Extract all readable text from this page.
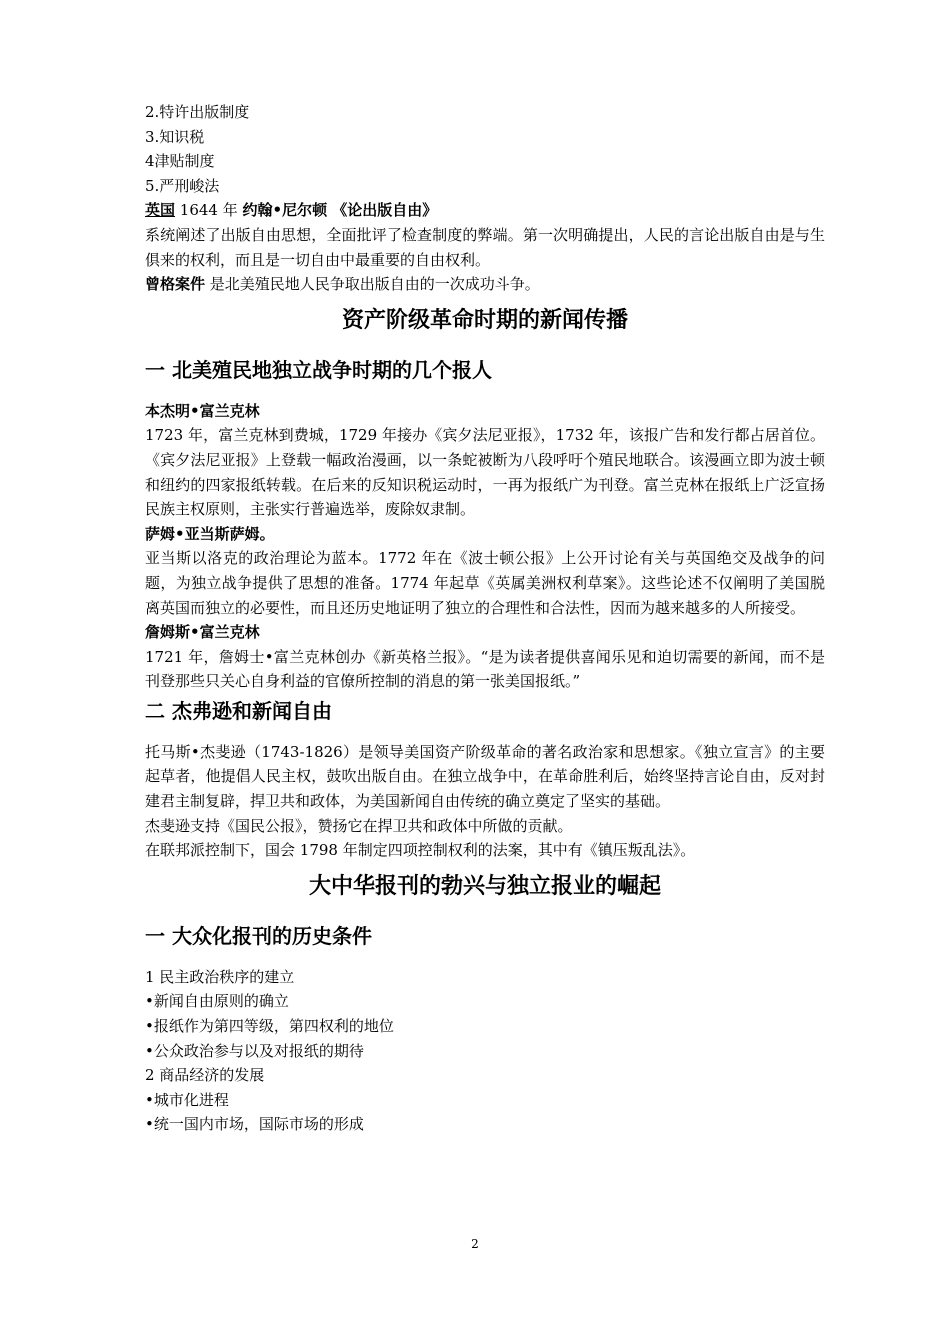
2.特许出版制度

3.知识税

4津贴制度

5.严刑峻法

英国 1644 年 约翰•尼尔顿 《论出版自由》

系统阐述了出版自由思想，全面批评了检查制度的弊端。第一次明确提出，人民的言论出版自由是与生俱来的权利，而且是一切自由中最重要的自由权利。

曾格案件 是北美殖民地人民争取出版自由的一次成功斗争。

资产阶级革命时期的新闻传播
一 北美殖民地独立战争时期的几个报人

本杰明•富兰克林

1723 年，富兰克林到费城，1729 年接办《宾夕法尼亚报》，1732 年，该报广告和发行都占居首位。《宾夕法尼亚报》上登载一幅政治漫画，以一条蛇被断为八段呼吁个殖民地联合。该漫画立即为波士顿和纽约的四家报纸转载。在后来的反知识税运动时，一再为报纸广为刊登。富兰克林在报纸上广泛宣扬民族主权原则，主张实行普遍选举，废除奴隶制。

萨姆•亚当斯萨姆。

亚当斯以洛克的政治理论为蓝本。1772 年在《波士顿公报》上公开讨论有关与英国绝交及战争的问题，为独立战争提供了思想的准备。1774 年起草《英属美洲权利草案》。这些论述不仅阐明了美国脱离英国而独立的必要性，而且还历史地证明了独立的合理性和合法性，因而为越来越多的人所接受。

詹姆斯•富兰克林

1721 年，詹姆士•富兰克林创办《新英格兰报》。“是为读者提供喜闻乐见和迫切需要的新闻，而不是刊登那些只关心自身利益的官僚所控制的消息的第一张美国报纸。”

二 杰弗逊和新闻自由

托马斯•杰斐逊（1743-1826）是领导美国资产阶级革命的著名政治家和思想家。《独立宣言》的主要起草者，他提倡人民主权，鼓吹出版自由。在独立战争中，在革命胜利后，始终坚持言论自由，反对封建君主制复辟，捍卫共和政体，为美国新闻自由传统的确立奠定了坚实的基础。

杰斐逊支持《国民公报》，赞扬它在捍卫共和政体中所做的贡献。

在联邦派控制下，国会 1798 年制定四项控制权利的法案，其中有《镇压叛乱法》。

大中华报刊的勃兴与独立报业的崛起
一 大众化报刊的历史条件

1 民主政治秩序的建立

•新闻自由原则的确立

•报纸作为第四等级，第四权利的地位

•公众政治参与以及对报纸的期待

2 商品经济的发展

•城市化进程

•统一国内市场，国际市场的形成

2
